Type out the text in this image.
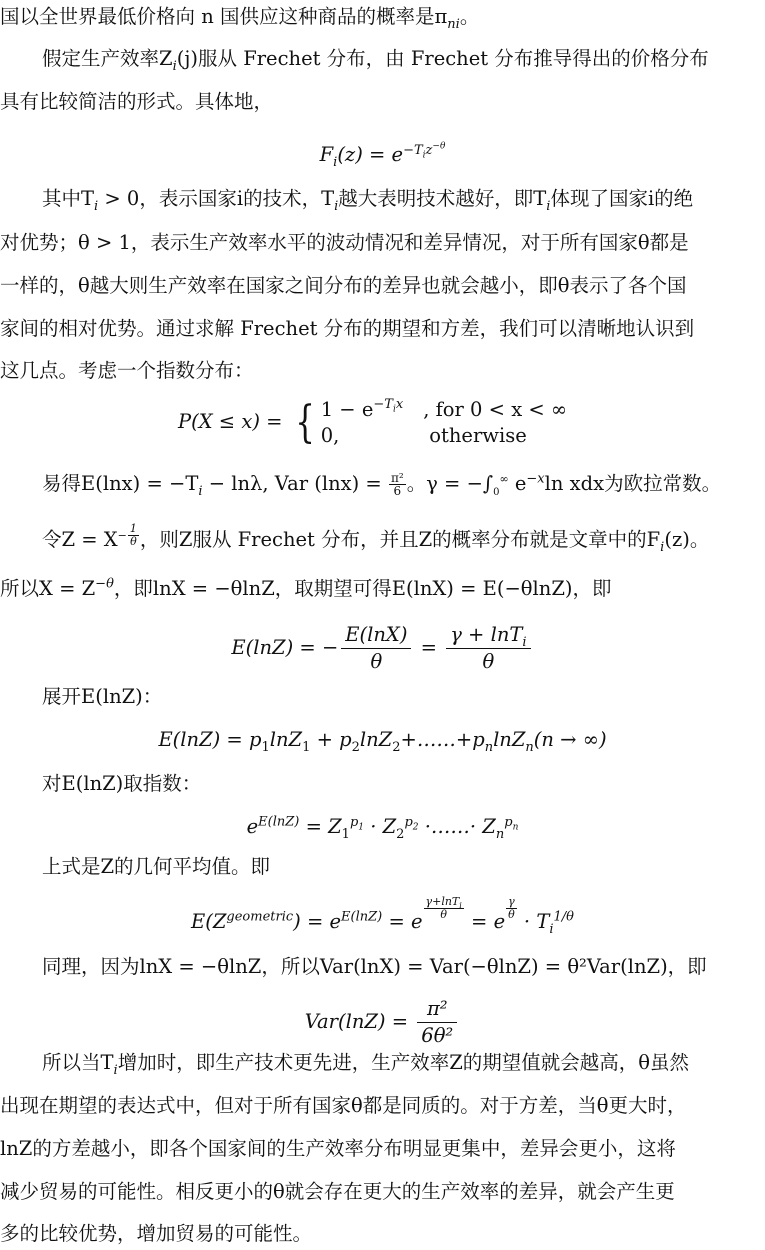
国以全世界最低价格向 n 国供应这种商品的概率是$\pi_{ni}$。
假定生产效率$Z_i(j)$服从 Frechet 分布，由 Frechet 分布推导得出的价格分布
具有比较简洁的形式。具体地，
$F_i(z) = e^{-T_iz^{-\theta}}$
其中$T_i > 0$，表示国家i的技术，$T_i$越大表明技术越好，即$T_i$体现了国家i的绝
对优势；θ > 1，表示生产效率水平的波动情况和差异情况，对于所有国家θ都是
一样的，θ越大则生产效率在国家之间分布的差异也就会越小，即θ表示了各个国
家间的相对优势。通过求解 Frechet 分布的期望和方差，我们可以清晰地认识到
这几点。考虑一个指数分布：
P(X ≤ x) = { $1 - e^{-T_ix}$ , for 0 < x < ∞
0,	otherwise
易得$E(\ln x) = -T_i - \ln\lambda$, Var $(\ln x) = \frac{\text{π²}}{6}$ 。$\gamma = -\int_0^\infty$ $e^{-x}\ln$ xdx为欧拉常数。
令$Z = X^{- \frac{1}{\theta}}$ ，则Z服从 Frechet 分布，并且Z的概率分布就是文章中的$F_i(z)$。
所以$X = Z^{-\theta}$，即lnX = −θlnZ，取期望可得E(lnX) = E(−θlnZ)，即
E(lnZ) = − $\frac{E(\ln X)}{\theta} = \frac{\gamma + \ln T_i}{\theta}$
展开E(lnZ)：
$E(\ln Z) = p_1\ln Z_1$ + $p_2\ln Z_2+\dots\dots+p_n\ln Z_n(n$ → ∞)
对E(lnZ)取指数：
$e^{E(lnZ)} = Z_1^{p_1} \cdot Z_2^{p_2}$ ·……· $Z_n^{p_n}$
上式是Z的几何平均值。即
$E(Z^{geometric}) = e^{E(lnZ)} = e$
$\frac{\gamma+\ln T_i}{\theta}$
= e
$\frac{\gamma}{\theta}$
· $T_i^{1/\theta}$
同理，因为lnX = −θlnZ，所以Var(lnX) = Var(−θlnZ) = θ²Var(lnZ)，即
$Var(\ln Z) = \frac{\text{π²}}{\text{6θ²}}$
所以当$T_i$增加时，即生产技术更先进，生产效率Z的期望值就会越高，θ虽然
出现在期望的表达式中，但对于所有国家θ都是同质的。对于方差，当θ更大时，
lnZ的方差越小，即各个国家间的生产效率分布明显更集中，差异会更小，这将
减少贸易的可能性。相反更小的θ就会存在更大的生产效率的差异，就会产生更
多的比较优势，增加贸易的可能性。
